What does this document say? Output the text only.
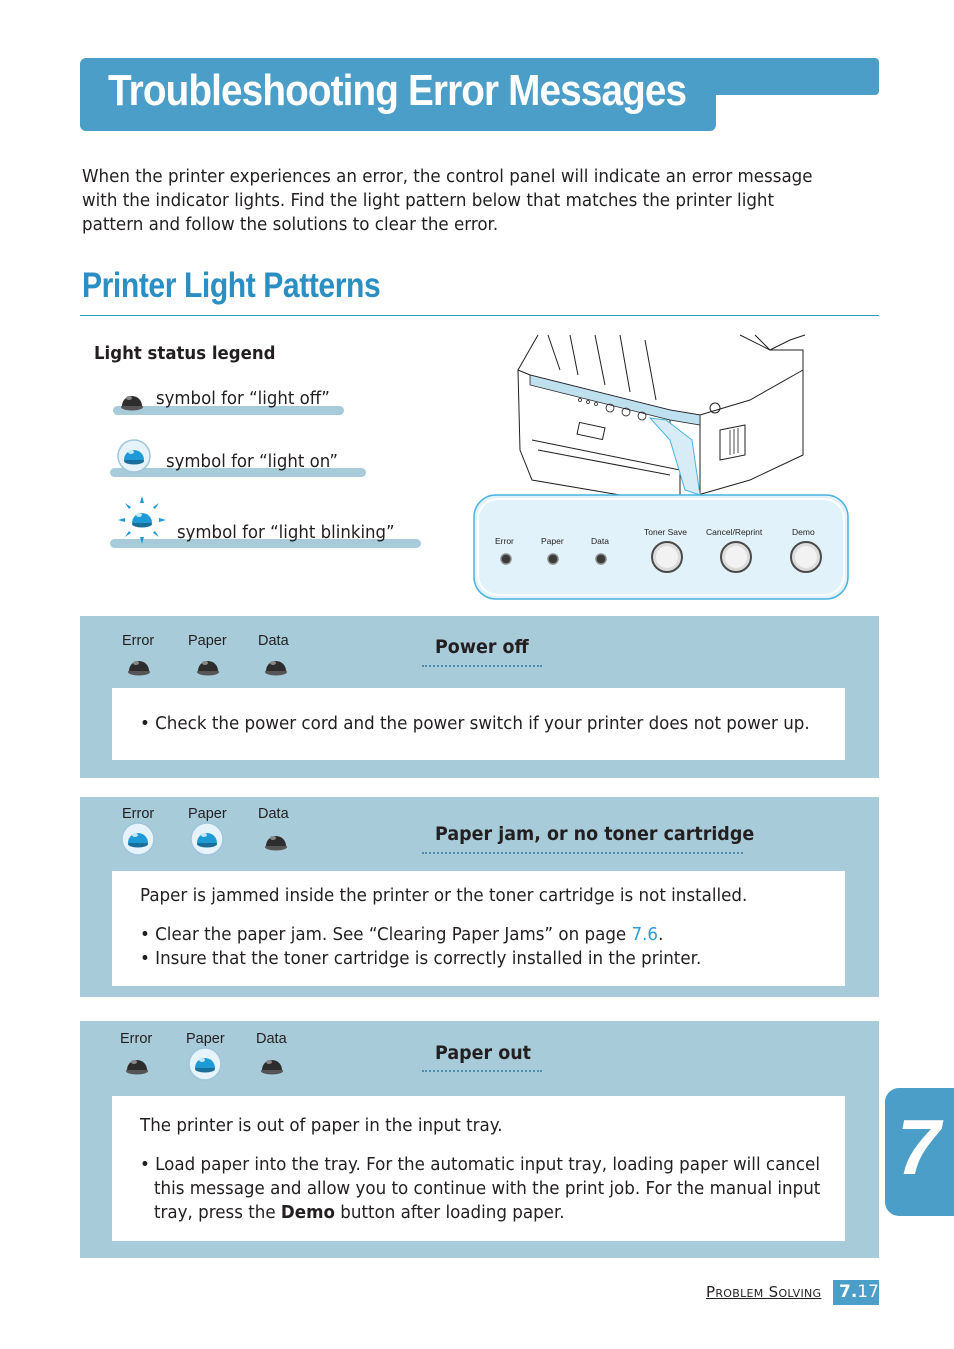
Troubleshooting Error Messages
When the printer experiences an error, the control panel will indicate an error message with the indicator lights. Find the light pattern below that matches the printer light pattern and follow the solutions to clear the error.
Printer Light Patterns
Light status legend
symbol for “light off”
symbol for “light on”
symbol for “light blinking”	Error	Paper	Data
Toner Save Cancel/Reprint	Demo
Error Paper Data	Power off
• Check the power cord and the power switch if your printer does not power up.
Error Paper Data
Paper jam, or no toner cartridge
Paper is jammed inside the printer or the toner cartridge is not installed.
• Clear the paper jam. See “Clearing Paper Jams” on page 7.6.
• Insure that the toner cartridge is correctly installed in the printer.
Error Paper Data
Paper out
The printer is out of paper in the input tray.
• Load paper into the tray. For the automatic input tray, loading paper will cancel
this message and allow you to continue with the print job. For the manual input
tray, press the Demo button after loading paper.
7
Problem Solving	7.17
